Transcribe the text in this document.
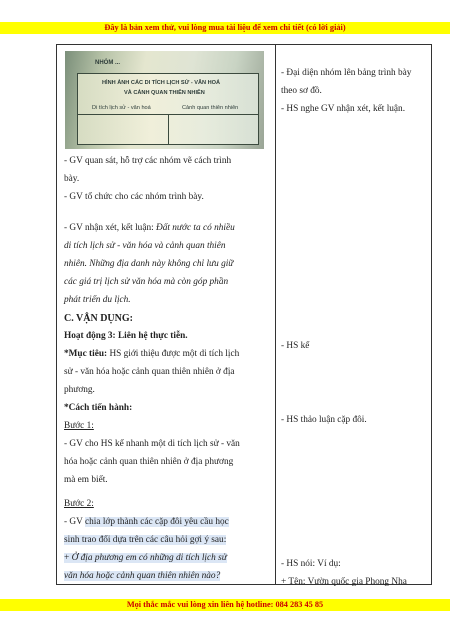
Đây là bản xem thử, vui lòng mua tài liệu để xem chi tiết (có lời giải)
NHÓM ...
HÌNH ẢNH CÁC DI TÍCH LỊCH SỬ - VĂN HOÁ
VÀ CẢNH QUAN THIÊN NHIÊN
Di tích lịch sử - văn hoá	Cảnh quan thiên nhiên

- GV quan sát, hỗ trợ các nhóm vẽ cách trình

bày.

- GV tổ chức cho các nhóm trình bày.

- GV nhận xét, kết luận: Đất nước ta có nhiều

di tích lịch sử - văn hóa và cảnh quan thiên

nhiên. Những địa danh này không chỉ lưu giữ

các giá trị lịch sử văn hóa mà còn góp phần

phát triển du lịch.

C. VẬN DỤNG:

Hoạt động 3: Liên hệ thực tiễn.

*Mục tiêu: HS giới thiệu được một di tích lịch

sử - văn hóa hoặc cảnh quan thiên nhiên ở địa

phương.

*Cách tiến hành:

Bước 1:

- GV cho HS kể nhanh một di tích lịch sử - văn

hóa hoặc cảnh quan thiên nhiên ở địa phương

mà em biết.

Bước 2:

- GV chia lớp thành các cặp đôi yêu cầu học

sinh trao đổi dựa trên các câu hỏi gợi ý sau:

+ Ở địa phương em có những di tích lịch sử

văn hóa hoặc cảnh quan thiên nhiên nào?

- Đại diện nhóm lên bảng trình bày

theo sơ đồ.

- HS nghe GV nhận xét, kết luận.

- HS kể

- HS thảo luận cặp đôi.

- HS nói: Ví dụ:

+ Tên: Vườn quốc gia Phong Nha

Mọi thắc mắc vui lòng xin liên hệ hotline: 084 283 45 85
